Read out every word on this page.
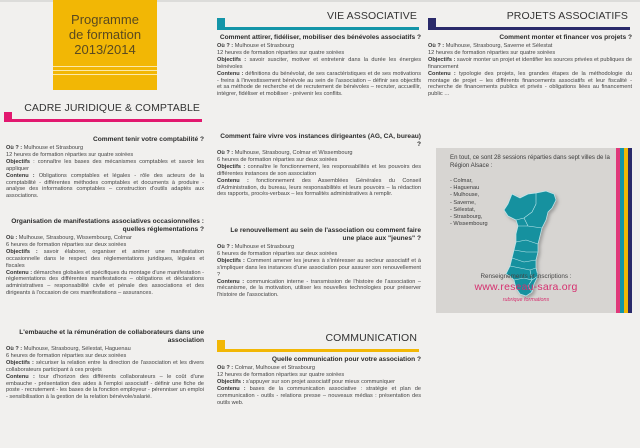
Programme
de formation
2013/2014
CADRE JURIDIQUE & COMPTABLE
Comment tenir votre comptabilité ?

Où ? : Mulhouse et Strasbourg

12 heures de formation réparties sur quatre soirées

Objectifs : connaître les bases des mécanismes comptables et savoir les appliquer

Contenu : Obligations comptables et légales - rôle des acteurs de la comptabilité - différentes méthodes comptables et documents à produire - analyse des informations comptables – construction d'outils adaptés aux associations.

Organisation de manifestations associatives occasionnelles : quelles réglementations ?

Où : Mulhouse, Strasbourg, Wissembourg, Colmar

6 heures de formation réparties sur deux soirées

Objectifs : savoir élaborer, organiser et animer une manifestation occasionnelle dans le respect des réglementations juridiques, légales et fiscales

Contenu : démarches globales et spécifiques du montage d'une manifestation - réglementations des différentes manifestations – obligations et déclarations administratives – responsabilité civile et pénale des associations et des dirigeants à l'occasion de ces manifestations – assurances.

L'embauche et la rémunération de collaborateurs dans une association

Où ? : Mulhouse, Strasbourg, Sélestat, Haguenau

6 heures de formation réparties sur deux soirées

Objectifs : sécuriser la relation entre la direction de l'association et les divers collaborateurs participant à ces projets

Contenu : tour d'horizon des différents collaborateurs – le coût d'une embauche - présentation des aides à l'emploi associatif - définir une fiche de poste - recrutement - les bases de la fonction employeur - pérenniser un emploi - sensibilisation à la gestion de la relation bénévole/salarié.

VIE ASSOCIATIVE
Comment attirer, fidéliser, mobiliser des bénévoles associatifs ?

Où ? : Mulhouse et Strasbourg

12 heures de formation réparties sur quatre soirées

Objectifs : savoir susciter, motiver et entretenir dans la durée les énergies bénévoles

Contenu : définitions du bénévolat, de ses caractéristiques et de ses motivations - freins à l'investissement bénévole au sein de l'association – définir ses objectifs et sa méthode de recherche et de recrutement de bénévoles – recruter, accueillir, intégrer, fidéliser et mobiliser - prévenir les conflits.

Comment faire vivre vos instances dirigeantes (AG, CA, bureau) ?

Où ? : Mulhouse, Strasbourg, Colmar et Wissembourg

6 heures de formation réparties sur deux soirées

Objectifs : connaître le fonctionnement, les responsabilités et les pouvoirs des différentes instances de son association

Contenu : fonctionnement des Assemblées Générales du Conseil d'Administration, du bureau, leurs responsabilités et leurs pouvoirs – la rédaction des rapports, procès-verbaux – les formalités administratives à remplir.

Le renouvellement au sein de l'association ou comment faire une place aux "jeunes" ?

Où ? : Mulhouse et Strasbourg

6 heures de formation réparties sur deux soirées

Objectifs : Comment amener les jeunes à s'intéresser au secteur associatif et à s'impliquer dans les instances d'une association pour assurer son renouvellement ?

Contenu : communication interne - transmission de l'histoire de l'association – mécanisme, de la motivation, utiliser les nouvelles technologies pour préserver l'histoire de l'association.

COMMUNICATION
Quelle communication pour votre association ?

Où ? : Colmar, Mulhouse et Strasbourg

12 heures de formation réparties sur quatre soirées

Objectifs : s'appuyer sur son projet associatif pour mieux communiquer

Contenu : bases de la communication associative : stratégie et plan de communication - outils - relations presse – nouveaux médias : présentation des outils web.

PROJETS ASSOCIATIFS
Comment monter et financer vos projets ?

Où ? : Mulhouse, Strasbourg, Saverne et Sélestat

12 heures de formation réparties sur quatre soirées

Objectifs : savoir monter un projet et identifier les sources privées et publiques de financement

Contenu : typologie des projets, les grandes étapes de la méthodologie du montage de projet – les différents financements associatifs et leur fiscalité -recherche de financements publics et privés - obligations liées au financement public …

En tout, ce sont 28 sessions réparties dans sept villes de la Région Alsace :
- Colmar,
- Haguenau
- Mulhouse,
- Saverne,
- Sélestat,
- Strasbourg,
- Wissembourg
Renseignements et inscriptions :
www.reseau-sara.org
rubrique formations
